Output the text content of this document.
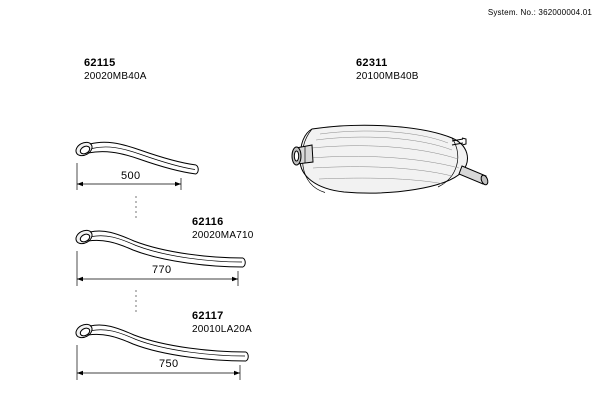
System. No.: 362000004.01
62115
20020MB40A
62311
20100MB40B
62116
20020MA710
62117
20010LA20A
500
770
750
